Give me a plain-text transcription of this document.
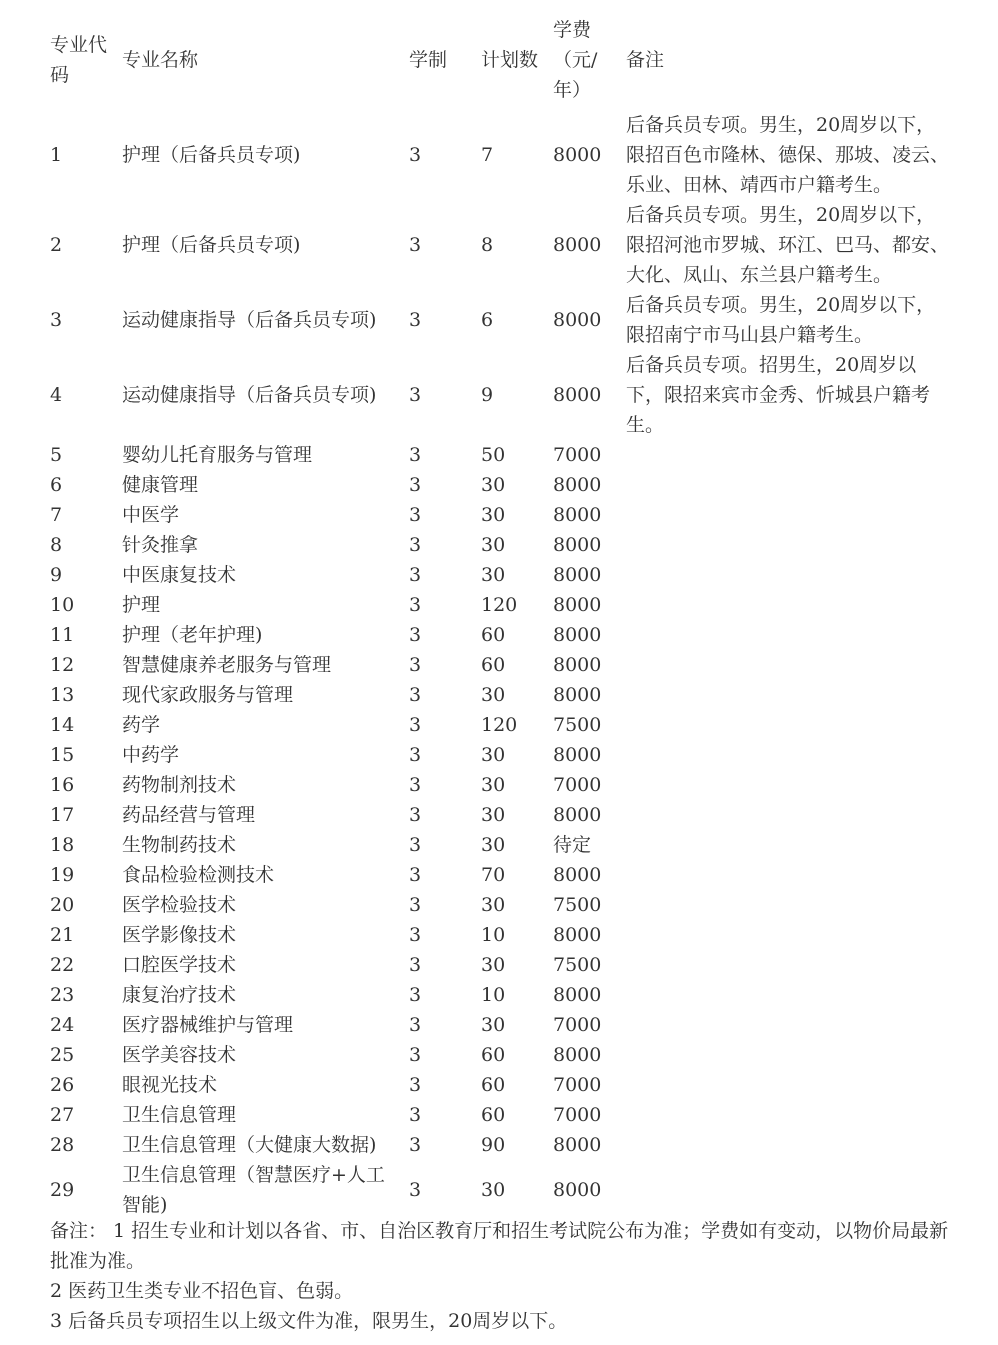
专业代码	专业名称	学制	计划数	学费（元/年）	备注
1	护理（后备兵员专项)	3	7	8000	后备兵员专项。男生，20周岁以下，限招百色市隆林、德保、那坡、凌云、乐业、田林、靖西市户籍考生。
2	护理（后备兵员专项)	3	8	8000	后备兵员专项。男生，20周岁以下，限招河池市罗城、环江、巴马、都安、大化、凤山、东兰县户籍考生。
3	运动健康指导（后备兵员专项)	3	6	8000	后备兵员专项。男生，20周岁以下，限招南宁市马山县户籍考生。
4	运动健康指导（后备兵员专项)	3	9	8000	后备兵员专项。招男生，20周岁以下，限招来宾市金秀、忻城县户籍考生。
5	婴幼儿托育服务与管理	3	50	7000	
6	健康管理	3	30	8000	
7	中医学	3	30	8000	
8	针灸推拿	3	30	8000	
9	中医康复技术	3	30	8000	
10	护理	3	120	8000	
11	护理（老年护理)	3	60	8000	
12	智慧健康养老服务与管理	3	60	8000	
13	现代家政服务与管理	3	30	8000	
14	药学	3	120	7500	
15	中药学	3	30	8000	
16	药物制剂技术	3	30	7000	
17	药品经营与管理	3	30	8000	
18	生物制药技术	3	30	待定	
19	食品检验检测技术	3	70	8000	
20	医学检验技术	3	30	7500	
21	医学影像技术	3	10	8000	
22	口腔医学技术	3	30	7500	
23	康复治疗技术	3	10	8000	
24	医疗器械维护与管理	3	30	7000	
25	医学美容技术	3	60	8000	
26	眼视光技术	3	60	7000	
27	卫生信息管理	3	60	7000	
28	卫生信息管理（大健康大数据)	3	90	8000	
29	卫生信息管理（智慧医疗+人工智能)	3	30	8000	

备注： 1 招生专业和计划以各省、市、自治区教育厅和招生考试院公布为准；学费如有变动，以物价局最新批准为准。

2 医药卫生类专业不招色盲、色弱。

3 后备兵员专项招生以上级文件为准，限男生，20周岁以下。
